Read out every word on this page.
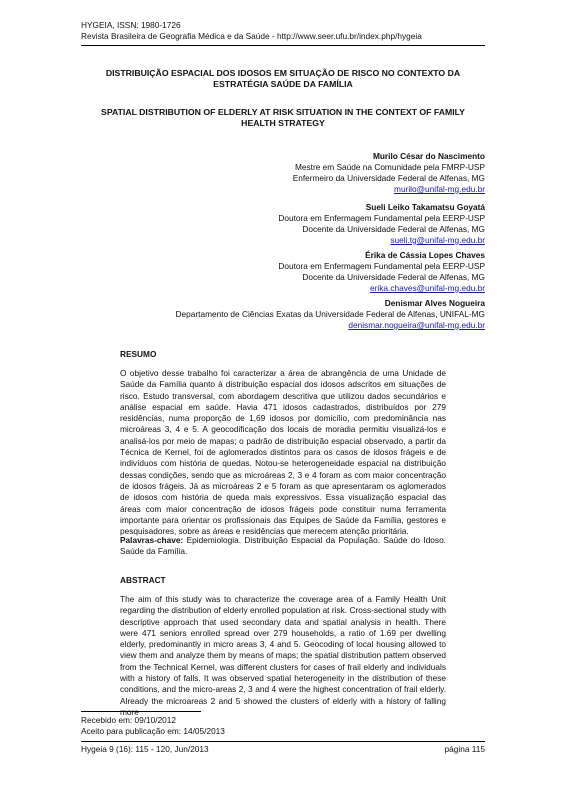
HYGEIA, ISSN: 1980-1726
Revista Brasileira de Geografia Médica e da Saúde - http://www.seer.ufu.br/index.php/hygeia
DISTRIBUIÇÃO ESPACIAL DOS IDOSOS EM SITUAÇÃO DE RISCO NO CONTEXTO DA ESTRATÉGIA SAÚDE DA FAMÍLIA
SPATIAL DISTRIBUTION OF ELDERLY AT RISK SITUATION IN THE CONTEXT OF FAMILY HEALTH STRATEGY
Murilo César do Nascimento
Mestre em Saúde na Comunidade pela FMRP-USP
Enfermeiro da Universidade Federal de Alfenas, MG
murilo@unifal-mg.edu.br
Sueli Leiko Takamatsu Goyatá
Doutora em Enfermagem Fundamental pela EERP-USP
Docente da Universidade Federal de Alfenas, MG
sueli.tg@unifal-mg.edu.br
Érika de Cássia Lopes Chaves
Doutora em Enfermagem Fundamental pela EERP-USP
Docente da Universidade Federal de Alfenas, MG
erika.chaves@unifal-mg.edu.br
Denismar Alves Nogueira
Departamento de Ciências Exatas da Universidade Federal de Alfenas, UNIFAL-MG
denismar.nogueira@unifal-mg.edu.br
RESUMO

O objetivo desse trabalho foi caracterizar a área de abrangência de uma Unidade de Saúde da Família quanto à distribuição espacial dos idosos adscritos em situações de risco. Estudo transversal, com abordagem descritiva que utilizou dados secundários e análise espacial em saúde. Havia 471 idosos cadastrados, distribuídos por 279 residências, numa proporção de 1,69 idosos por domicílio, com predominância nas microáreas 3, 4 e 5. A geocodificação dos locais de moradia permitiu visualizá-los e analisá-los por meio de mapas; o padrão de distribuição espacial observado, a partir da Técnica de Kernel, foi de aglomerados distintos para os casos de idosos frágeis e de indivíduos com história de quedas. Notou-se heterogeneidade espacial na distribuição dessas condições, sendo que as microáreas 2, 3 e 4 foram as com maior concentração de idosos frágeis. Já as microáreas 2 e 5 foram as que apresentaram os aglomerados de idosos com história de queda mais expressivos. Essa visualização espacial das áreas com maior concentração de idosos frágeis pode constituir numa ferramenta importante para orientar os profissionais das Equipes de Saúde da Família, gestores e pesquisadores, sobre as áreas e residências que merecem atenção prioritária.

Palavras-chave: Epidemiologia. Distribuição Espacial da População. Saúde do Idoso. Saúde da Família.

ABSTRACT

The aim of this study was to characterize the coverage area of a Family Health Unit regarding the distribution of elderly enrolled population at risk. Cross-sectional study with descriptive approach that used secondary data and spatial analysis in health. There were 471 seniors enrolled spread over 279 households, a ratio of 1.69 per dwelling elderly, predominantly in micro areas 3, 4 and 5. Geocoding of local housing allowed to view them and analyze them by means of maps; the spatial distribution pattern observed from the Technical Kernel, was different clusters for cases of frail elderly and individuals with a history of falls. It was observed spatial heterogeneity in the distribution of these conditions, and the micro-areas 2, 3 and 4 were the highest concentration of frail elderly. Already the microareas 2 and 5 showed the clusters of elderly with a history of falling more

Recebido em: 09/10/2012
Aceito para publicação em: 14/05/2013
Hygeia 9 (16): 115 - 120, Jun/2013	página 115
